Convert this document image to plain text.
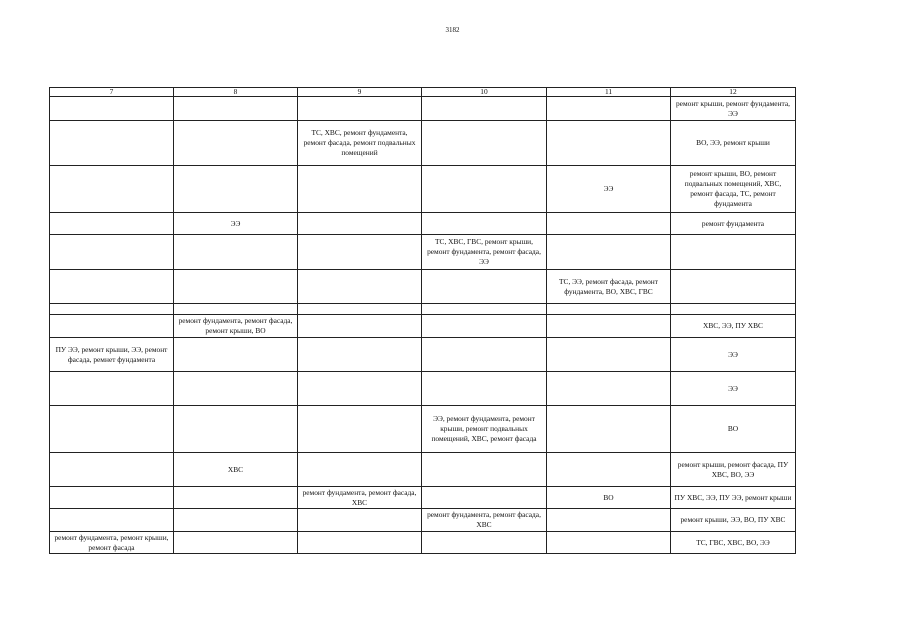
3182
7	8	9	10	11	12
					ремонт крыши, ремонт фундамента, ЭЭ
		ТС, ХВС, ремонт фундамента, ремонт фасада, ремонт подвальных помещений			ВО, ЭЭ, ремонт крыши
				ЭЭ	ремонт крыши, ВО, ремонт подвальных помещений, ХВС, ремонт фасада, ТС, ремонт фундамента
	ЭЭ				ремонт фундамента
			ТС, ХВС, ГВС, ремонт крыши, ремонт фундамента, ремонт фасада, ЭЭ		
				ТС, ЭЭ, ремонт фасада, ремонт фундамента, ВО, ХВС, ГВС	

	ремонт фундамента, ремонт фасада, ремонт крыши, ВО				ХВС, ЭЭ, ПУ ХВС
ПУ ЭЭ, ремонт крыши, ЭЭ, ремонт фасада, ремнет фундамента					ЭЭ
					ЭЭ
			ЭЭ, ремонт фундамента, ремонт крыши, ремонт подвальных помещений, ХВС, ремонт фасада		ВО
	ХВС				ремонт крыши, ремонт фасада, ПУ ХВС, ВО, ЭЭ
		ремонт фундамента, ремонт фасада, ХВС		ВО	ПУ ХВС, ЭЭ, ПУ ЭЭ, ремонт крыши
			ремонт фундамента, ремонт фасада, ХВС		ремонт крыши, ЭЭ, ВО, ПУ ХВС
ремонт фундамента, ремонт крыши, ремонт фасада					ТС, ГВС, ХВС, ВО, ЭЭ
